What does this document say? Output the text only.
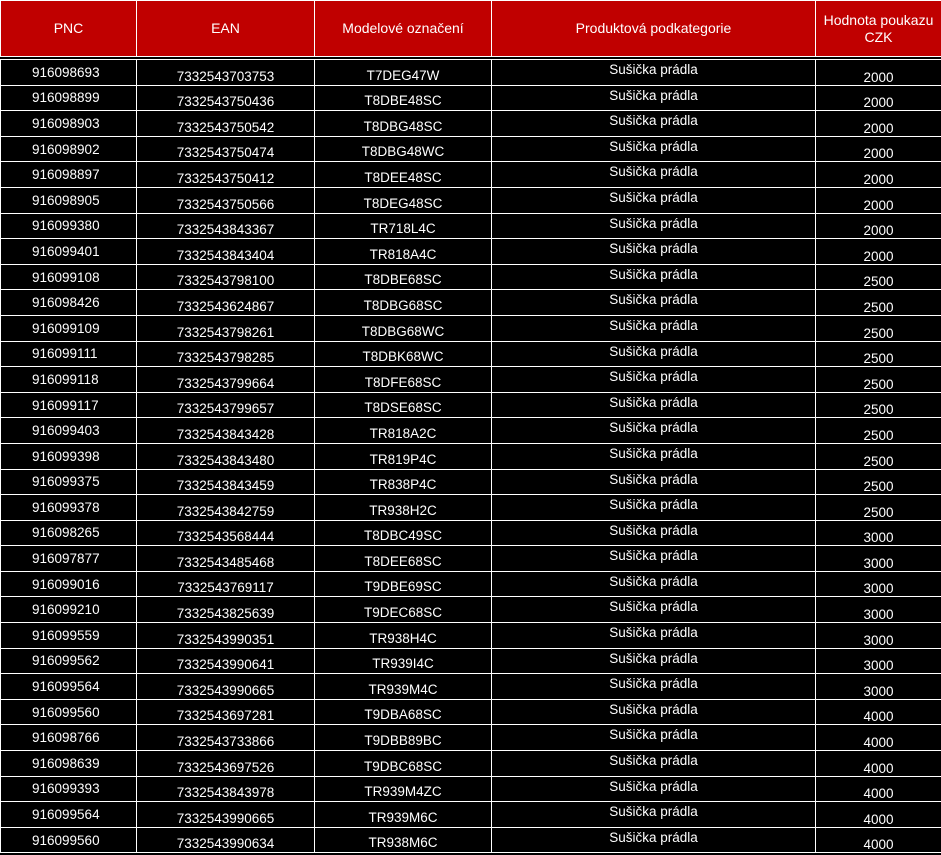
PNC	EAN	Modelové označení	Produktová podkategorie	Hodnota poukazu CZK

916098693	7332543703753	T7DEG47W	Sušička prádla	2000
916098899	7332543750436	T8DBE48SC	Sušička prádla	2000
916098903	7332543750542	T8DBG48SC	Sušička prádla	2000
916098902	7332543750474	T8DBG48WC	Sušička prádla	2000
916098897	7332543750412	T8DEE48SC	Sušička prádla	2000
916098905	7332543750566	T8DEG48SC	Sušička prádla	2000
916099380	7332543843367	TR718L4C	Sušička prádla	2000
916099401	7332543843404	TR818A4C	Sušička prádla	2000
916099108	7332543798100	T8DBE68SC	Sušička prádla	2500
916098426	7332543624867	T8DBG68SC	Sušička prádla	2500
916099109	7332543798261	T8DBG68WC	Sušička prádla	2500
916099111	7332543798285	T8DBK68WC	Sušička prádla	2500
916099118	7332543799664	T8DFE68SC	Sušička prádla	2500
916099117	7332543799657	T8DSE68SC	Sušička prádla	2500
916099403	7332543843428	TR818A2C	Sušička prádla	2500
916099398	7332543843480	TR819P4C	Sušička prádla	2500
916099375	7332543843459	TR838P4C	Sušička prádla	2500
916099378	7332543842759	TR938H2C	Sušička prádla	2500
916098265	7332543568444	T8DBC49SC	Sušička prádla	3000
916097877	7332543485468	T8DEE68SC	Sušička prádla	3000
916099016	7332543769117	T9DBE69SC	Sušička prádla	3000
916099210	7332543825639	T9DEC68SC	Sušička prádla	3000
916099559	7332543990351	TR938H4C	Sušička prádla	3000
916099562	7332543990641	TR939I4C	Sušička prádla	3000
916099564	7332543990665	TR939M4C	Sušička prádla	3000
916099560	7332543697281	T9DBA68SC	Sušička prádla	4000
916098766	7332543733866	T9DBB89BC	Sušička prádla	4000
916098639	7332543697526	T9DBC68SC	Sušička prádla	4000
916099393	7332543843978	TR939M4ZC	Sušička prádla	4000
916099564	7332543990665	TR939M6C	Sušička prádla	4000
916099560	7332543990634	TR938M6C	Sušička prádla	4000
